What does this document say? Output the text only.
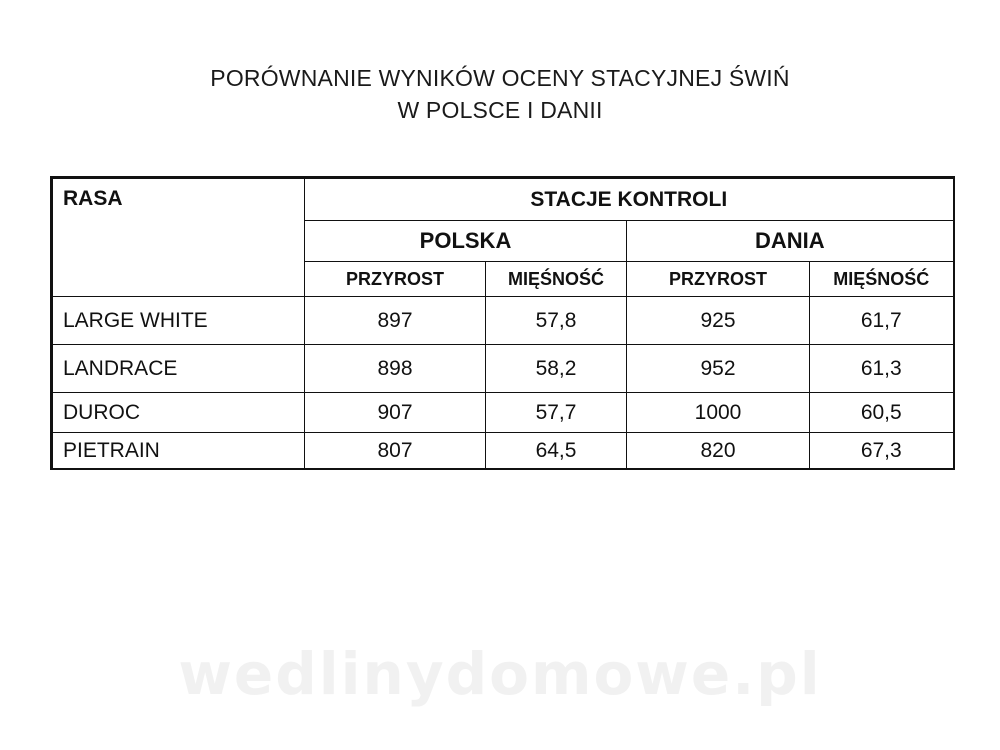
PORÓWNANIE WYNIKÓW OCENY STACYJNEJ ŚWIŃ
W POLSCE I DANII
RASA	STACJE KONTROLI			
	POLSKA		DANIA	
	PRZYROST	MIĘŚNOŚĆ	PRZYROST	MIĘŚNOŚĆ
LARGE WHITE	897	57,8	925	61,7
LANDRACE	898	58,2	952	61,3
DUROC	907	57,7	1000	60,5
PIETRAIN	807	64,5	820	67,3
wedlinydomowe.pl
